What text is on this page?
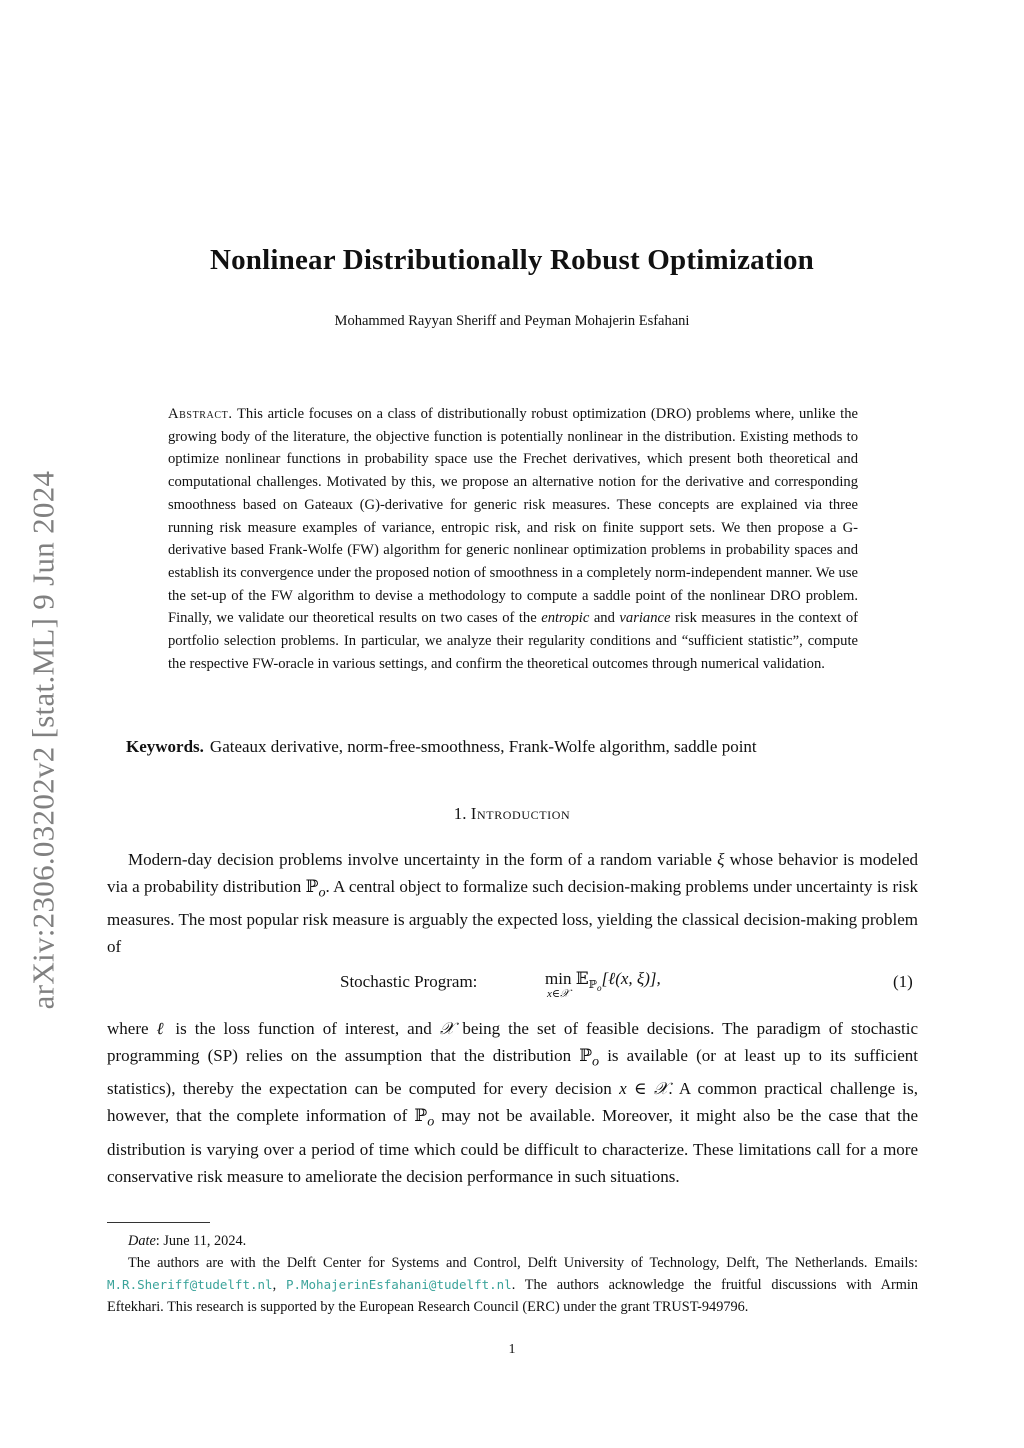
arXiv:2306.03202v2 [stat.ML] 9 Jun 2024
Nonlinear Distributionally Robust Optimization
Mohammed Rayyan Sheriff and Peyman Mohajerin Esfahani
Abstract. This article focuses on a class of distributionally robust optimization (DRO) problems where, unlike the growing body of the literature, the objective function is potentially nonlinear in the distribution. Existing methods to optimize nonlinear functions in probability space use the Frechet derivatives, which present both theoretical and computational challenges. Motivated by this, we propose an alternative notion for the derivative and corresponding smoothness based on Gateaux (G)-derivative for generic risk measures. These concepts are explained via three running risk measure examples of variance, entropic risk, and risk on finite support sets. We then propose a G-derivative based Frank-Wolfe (FW) algorithm for generic nonlinear optimization problems in probability spaces and establish its convergence under the proposed notion of smoothness in a completely norm-independent manner. We use the set-up of the FW algorithm to devise a methodology to compute a saddle point of the nonlinear DRO problem. Finally, we validate our theoretical results on two cases of the entropic and variance risk measures in the context of portfolio selection problems. In particular, we analyze their regularity conditions and “sufficient statistic”, compute the respective FW-oracle in various settings, and confirm the theoretical outcomes through numerical validation.
Keywords. Gateaux derivative, norm-free-smoothness, Frank-Wolfe algorithm, saddle point
1. Introduction
Modern-day decision problems involve uncertainty in the form of a random variable ξ whose behavior is modeled via a probability distribution ℙ$_o$. A central object to formalize such decision-making problems under uncertainty is risk measures. The most popular risk measure is arguably the expected loss, yielding the classical decision-making problem of
Stochastic Program:	min
x∈𝒳
𝔼$_{ℙ_o}$[ℓ(x, ξ)],	(1)
where ℓ is the loss function of interest, and 𝒳 being the set of feasible decisions. The paradigm of stochastic programming (SP) relies on the assumption that the distribution ℙ$_o$ is available (or at least up to its sufficient statistics), thereby the expectation can be computed for every decision x ∈ 𝒳. A common practical challenge is, however, that the complete information of ℙ$_o$ may not be available. Moreover, it might also be the case that the distribution is varying over a period of time which could be difficult to characterize. These limitations call for a more conservative risk measure to ameliorate the decision performance in such situations.
Date: June 11, 2024.
The authors are with the Delft Center for Systems and Control, Delft University of Technology, Delft, The Netherlands. Emails: M.R.Sheriff@tudelft.nl, P.MohajerinEsfahani@tudelft.nl. The authors acknowledge the fruitful discussions with Armin Eftekhari. This research is supported by the European Research Council (ERC) under the grant TRUST-949796.
1
